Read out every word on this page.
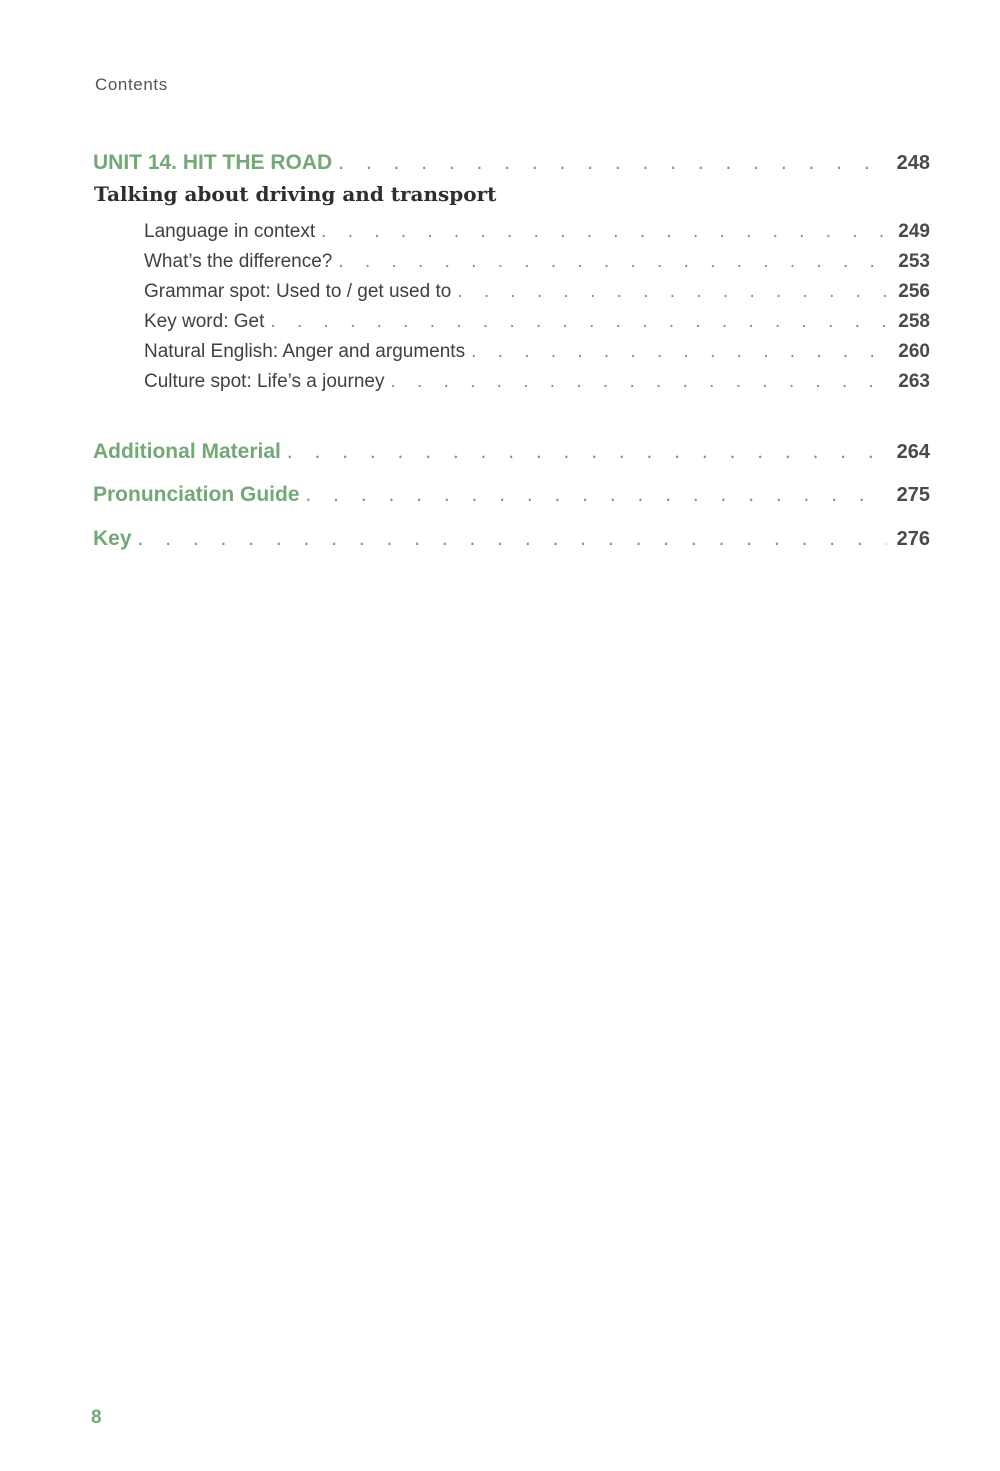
Contents
UNIT 14. HIT THE ROAD . . .	248
Talking about driving and transport
Language in context . . .	249
What’s the difference? . . .	253
Grammar spot: Used to / get used to . . .	256
Key word: Get . . .	258
Natural English: Anger and arguments . . .	260
Culture spot: Life’s a journey . . .	263
Additional Material . . .	264
Pronunciation Guide . . .	275
Key . . .	276
8
